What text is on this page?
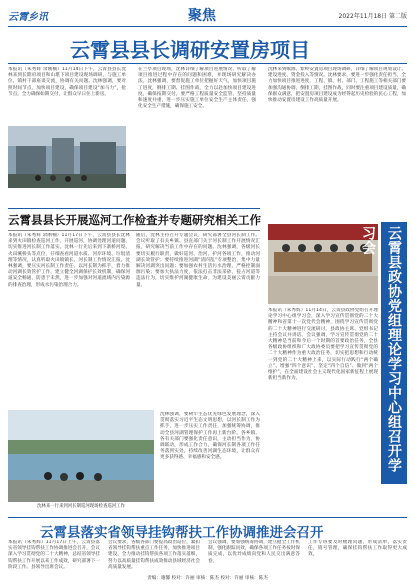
云霄乡讯	聚焦	2022年11月18日 第二版
云霄县县长调研安置房项目
本报讯（朱秀辉 余刚楠）11月14日下午，云霄县县长沈林来到长期府项目和山堪下项目建设现场调研，与施工单位、镇村干部座谈交流，协调有关问题。沈林强调，要对照时间节点，加快项目建设，确保项目建设“加马力”，抢节点，全力确保如期交付，让群众早日住上新房。
在兰亭项目现场，沈林详细了解项目进展情况，听取了解项目推进过程中存在的问题和困难，并现场研究解决办法。沈林强调，要督促施工单位把握好天气，加快项目施工进度，倒排工期、挂图作战，全力以赴加快项目建设进度，确保按期交付。要严格工程质量安全监管，坚持质量和速度并重，进一步压实施工单位安全生产主体责任，强化安全生产措施，确保施工安全。
沈林来到岷源、紫岭安置房项目现场调研，详细了解项目规划设计、建设进度、资金投入等情况。沈林要求，要进一步强化责任担当，全力加快项目推进进度，工程、镇、村、部门、工程施工等相关部门要加强沟通协调，倒排工期，挂图作战，同时要注重项目建设质量，确保群众满意，把安置房项目建设成为经得起历史检验的民心工程，加快推动安置房建设工作高质量开展。
云霄县县长开展巡河工作检查并专题研究相关工作
本报讯（朱秀辉 余刚楠）11月17日下午，云霄县县长沈林来到火田镇检查巡河工作，开展巡河，协调处理河道问题，切实推进河长制工作落实。沈林一行先后来到下寨桥河堤、火田溪桥头等点位，仔细查看河道水质、河岸环境、垃圾清理等情况，认真听取火田镇镇长、河长制工作情况汇报。沈林强调，要压实河长制工作责任，以河长制为抓手，着力推动河湖长效管护工作，建立健全河湖保护长效机制，确保河道安全畅通，防患于未然，进一步加强对河道流域内污染源的排查治理，形成水污染治理合力。
随后，沈林主持召开专题会议，研究部署全县河长制工作。会议听取了有关乡镇、县直部门关于河长制工作开展情况汇报，研究解决当前工作中存在的问题。沈林强调，各级河长要切实履行职责，做好巡河、治河、护河各项工作，推动河湖长效管护；要持续推进河湖“清四乱”专项整治，集中力量解决河湖突出问题；要加强农村生活污水治理，严格控制面源污染；要加大执法力度，依法打击非法采砂、侵占河道等违法行为，切实维护河湖健康生命，为建设美丽云霄贡献力量。
沈林来一行来到河长制巡河现场检查巡河工作
沈林强调，要树牢生态优先绿色发展理念，深入贯彻落实习近平生态文明思想，以河长制工作为抓手，进一步压实工作责任，加强统筹协调，推动全县河湖管理保护工作再上新台阶。各乡镇、各有关部门要强化责任意识，主动担当作为，协调联动，形成工作合力，确保河长制各项工作任务落到实处，持续改善河湖生态环境，让群众有更多获得感、幸福感和安全感。	云霄县政协党组理论学习中心组召开学习会
本报讯（朱秀辉）11月14日，云霄县政协党组召开理论学习中心组学习会，深入学习宣传贯彻党的二十大精神和省第十一次党代会精神，围绕学习宣传贯彻党的二十大精神进行交流研讨。县政协主席、党组书记主持会议并讲话。会议强调，学习宣传贯彻党的二十大精神是当前和今后一个时期的首要政治任务，全县各级政协组织和广大政协委员要把学习宣传贯彻党的二十大精神作为重大政治任务，切实把思想和行动统一到党的二十大精神上来，以实际行动践行“两个确立”、增强“四个意识”、坚定“四个自信”、做到“两个维护”，在全面建设社会主义现代化国家新征程上展现新担当新作为。
云霄县落实省领导挂钩帮扶工作协调推进会召开
本报讯（朱秀辉）11月17日上午，云霄县落实省领导挂钩帮扶工作协调推进会召开，会议深入学习贯彻党的二十大精神，总结省领导挂钩帮扶工作开展以来工作成效，研究部署下一阶段工作。县领导出席会议。
会议要求，各级各部门要提高政治站位，紧扣省领导挂钩帮扶重点工作任务，加快推进项目建设，全力推动挂钩帮扶各项工作落实落细，努力以高质量挂钩帮扶成效推动县域经济社会高质量发展。
会议强调，要加强统筹协调，建立健全工作机制，强化跟踪问效，确保各项工作任务按时保质完成，以优异成绩向党和人民交出满意答卷。
工作专班要及时梳理问题，形成清单，落实责任，销号管理，确保挂钩帮扶工作取得更大成效。
责编：谢馨 校对：许丽 审核：陈杰 校对：许丽 审核：陈杰
